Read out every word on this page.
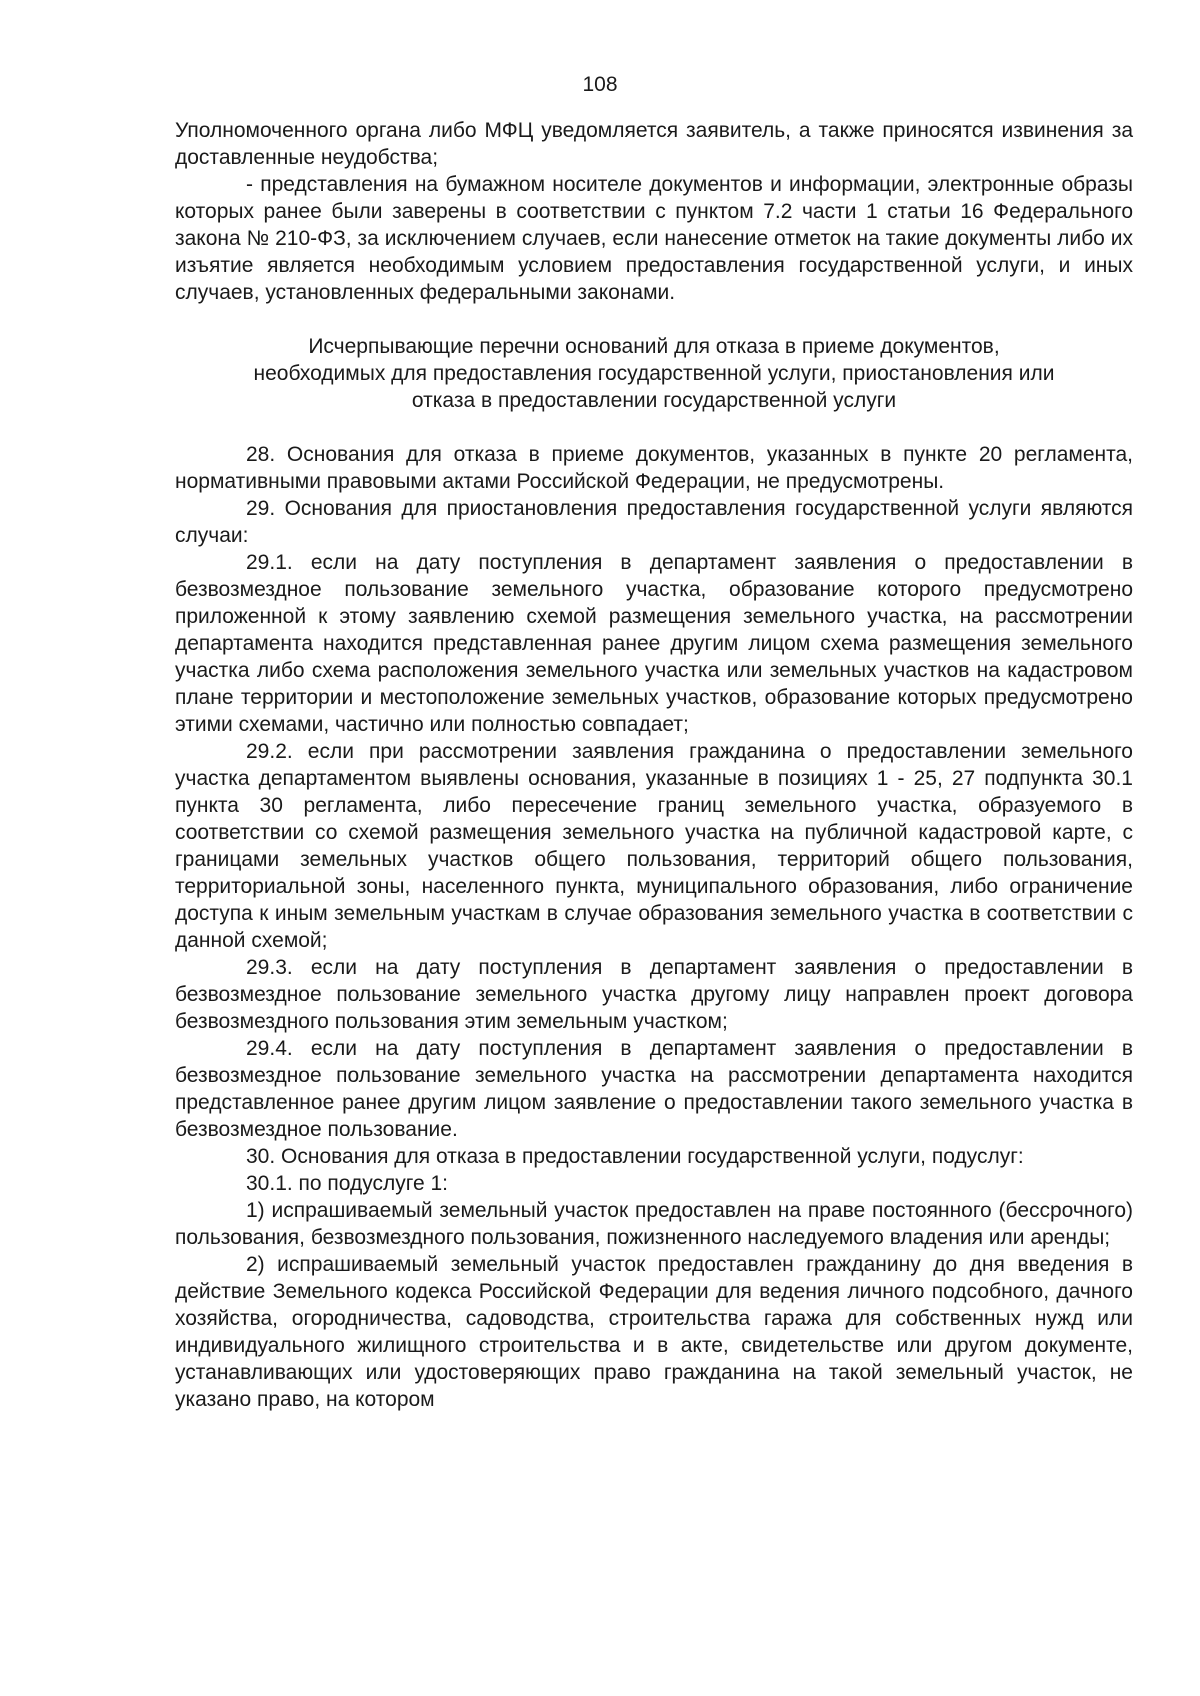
108

Уполномоченного органа либо МФЦ уведомляется заявитель, а также приносятся извинения за доставленные неудобства;

- представления на бумажном носителе документов и информации, электронные образы которых ранее были заверены в соответствии с пунктом 7.2 части 1 статьи 16 Федерального закона № 210-ФЗ, за исключением случаев, если нанесение отметок на такие документы либо их изъятие является необходимым условием предоставления государственной услуги, и иных случаев, установленных федеральными законами.

Исчерпывающие перечни оснований для отказа в приеме документов,
необходимых для предоставления государственной услуги, приостановления или
отказа в предоставлении государственной услуги

28. Основания для отказа в приеме документов, указанных в пункте 20 регламента, нормативными правовыми актами Российской Федерации, не предусмотрены.

29. Основания для приостановления предоставления государственной услуги являются случаи:

29.1. если на дату поступления в департамент заявления о предоставлении в безвозмездное пользование земельного участка, образование которого предусмотрено приложенной к этому заявлению схемой размещения земельного участка, на рассмотрении департамента находится представленная ранее другим лицом схема размещения земельного участка либо схема расположения земельного участка или земельных участков на кадастровом плане территории и местоположение земельных участков, образование которых предусмотрено этими схемами, частично или полностью совпадает;

29.2. если при рассмотрении заявления гражданина о предоставлении земельного участка департаментом выявлены основания, указанные в позициях 1 - 25, 27 подпункта 30.1 пункта 30 регламента, либо пересечение границ земельного участка, образуемого в соответствии со схемой размещения земельного участка на публичной кадастровой карте, с границами земельных участков общего пользования, территорий общего пользования, территориальной зоны, населенного пункта, муниципального образования, либо ограничение доступа к иным земельным участкам в случае образования земельного участка в соответствии с данной схемой;

29.3. если на дату поступления в департамент заявления о предоставлении в безвозмездное пользование земельного участка другому лицу направлен проект договора безвозмездного пользования этим земельным участком;

29.4. если на дату поступления в департамент заявления о предоставлении в безвозмездное пользование земельного участка на рассмотрении департамента находится представленное ранее другим лицом заявление о предоставлении такого земельного участка в безвозмездное пользование.

30. Основания для отказа в предоставлении государственной услуги, подуслуг:

30.1. по подуслуге 1:

1) испрашиваемый земельный участок предоставлен на праве постоянного (бессрочного) пользования, безвозмездного пользования, пожизненного наследуемого владения или аренды;

2) испрашиваемый земельный участок предоставлен гражданину до дня введения в действие Земельного кодекса Российской Федерации для ведения личного подсобного, дачного хозяйства, огородничества, садоводства, строительства гаража для собственных нужд или индивидуального жилищного строительства и в акте, свидетельстве или другом документе, устанавливающих или удостоверяющих право гражданина на такой земельный участок, не указано право, на котором
